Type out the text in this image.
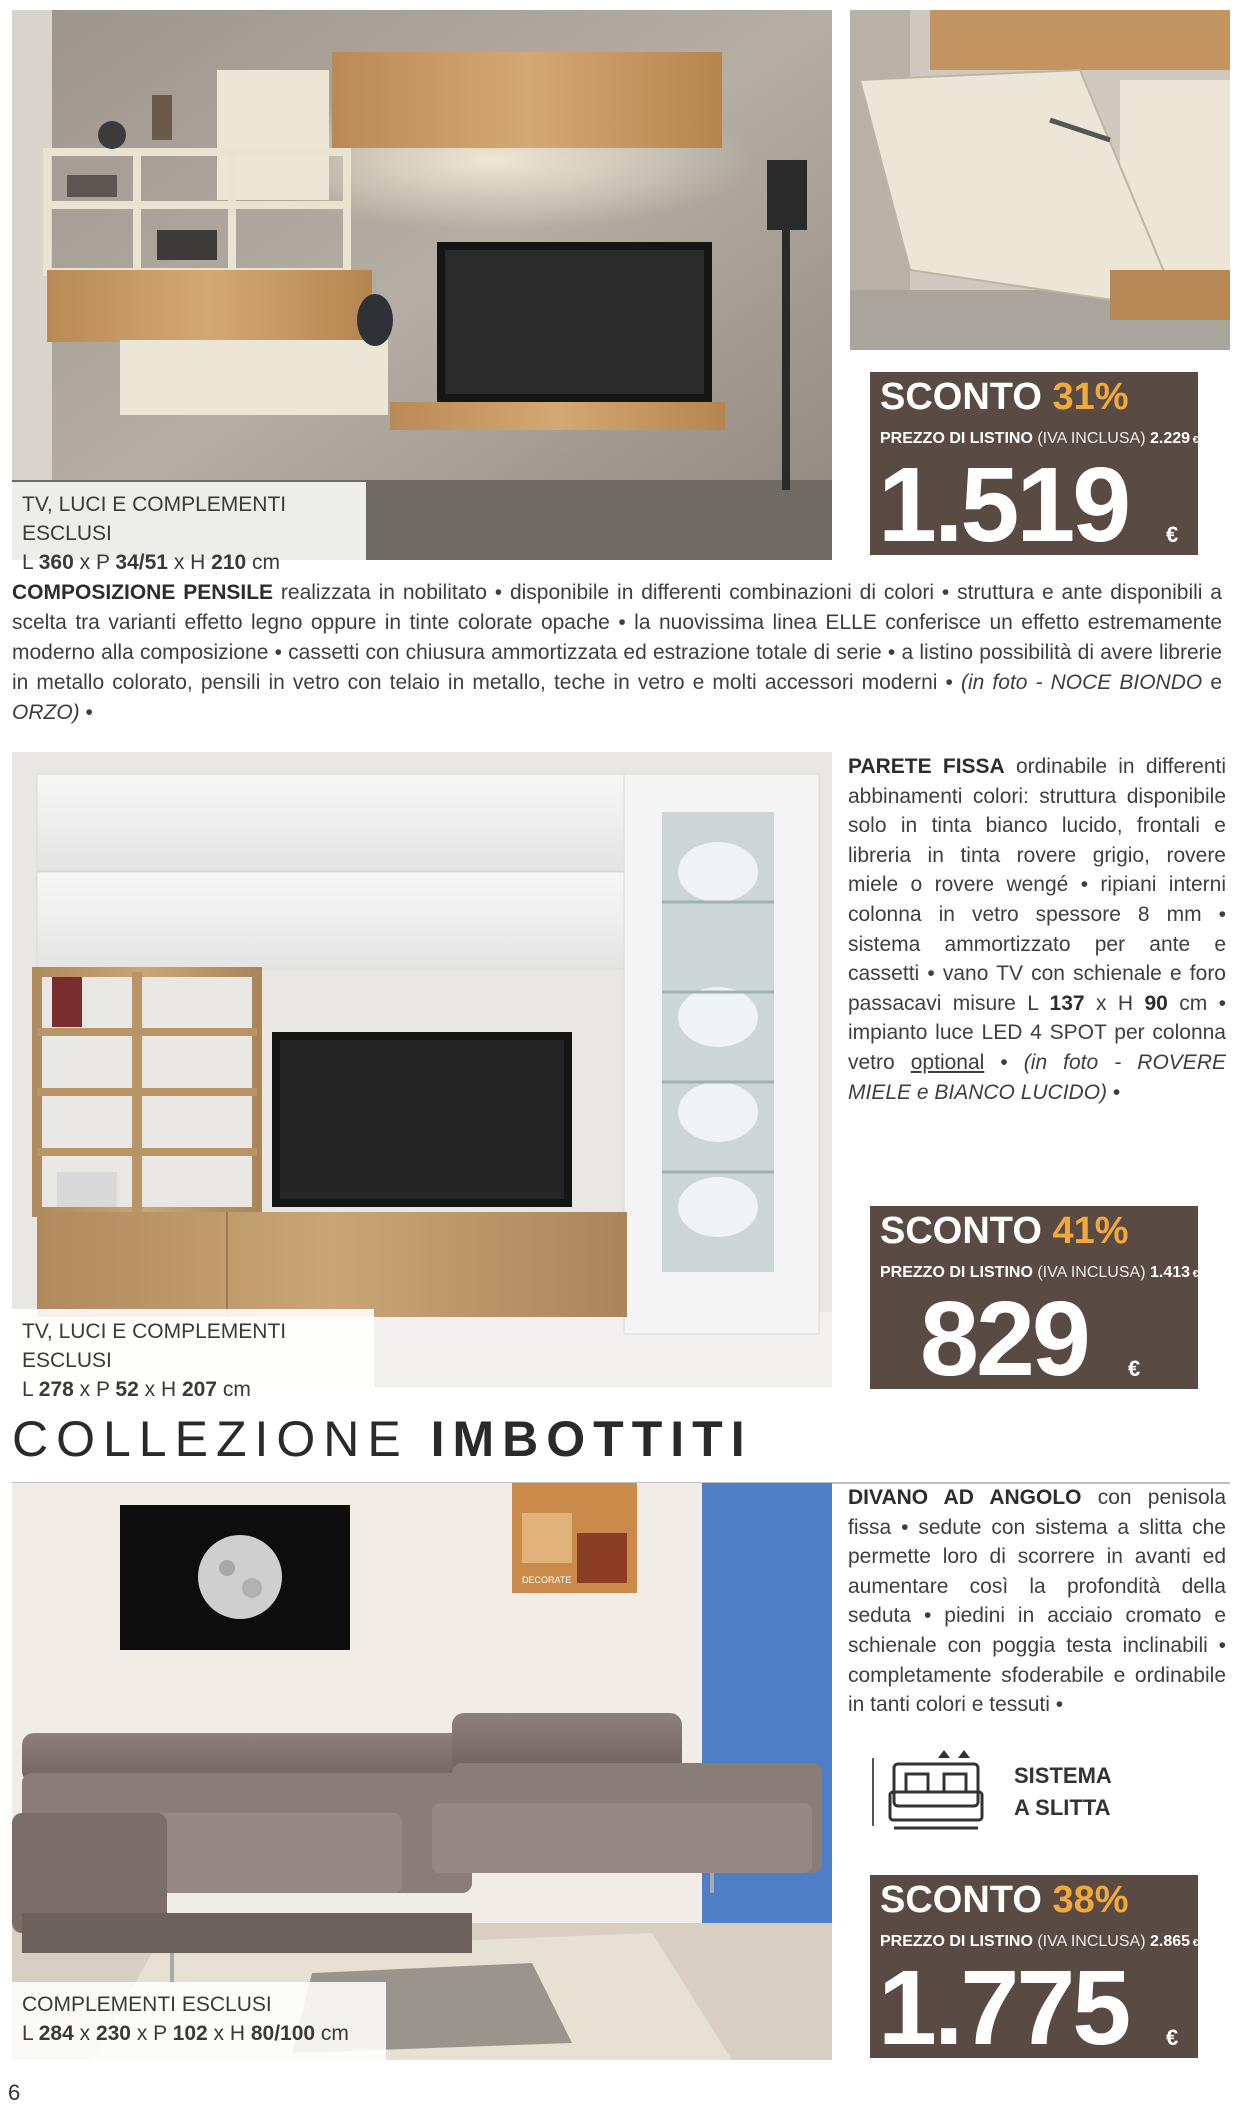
TV, LUCI E COMPLEMENTI ESCLUSI
L 360 x P 34/51 x H 210 cm
SCONTO 31%
PREZZO DI LISTINO (IVA INCLUSA) 2.229 €
1.519 €
COMPOSIZIONE PENSILE realizzata in nobilitato • disponibile in differenti combinazioni di colori • struttura e ante disponibili a scelta tra varianti effetto legno oppure in tinte colorate opache • la nuovissima linea ELLE conferisce un effetto estremamente moderno alla composizione • cassetti con chiusura ammortizzata ed estrazione totale di serie • a listino possibilità di avere librerie in metallo colorato, pensili in vetro con telaio in metallo, teche in vetro e molti accessori moderni • (in foto - NOCE BIONDO e ORZO) •
TV, LUCI E COMPLEMENTI ESCLUSI
L 278 x P 52 x H 207 cm
PARETE FISSA ordinabile in differenti abbinamenti colori: struttura disponibile solo in tinta bianco lucido, frontali e libreria in tinta rovere grigio, rovere miele o rovere wengé • ripiani interni colonna in vetro spessore 8 mm • sistema ammortizzato per ante e cassetti • vano TV con schienale e foro passacavi misure L 137 x H 90 cm • impianto luce LED 4 SPOT per colonna vetro optional • (in foto - ROVERE MIELE e BIANCO LUCIDO) •
SCONTO 41%
PREZZO DI LISTINO (IVA INCLUSA) 1.413 €
829 €
COLLEZIONE IMBOTTITI
DECORATE
COMPLEMENTI ESCLUSI
L 284 x 230 x P 102 x H 80/100 cm
DIVANO AD ANGOLO con penisola fissa • sedute con sistema a slitta che permette loro di scorrere in avanti ed aumentare così la profondità della seduta • piedini in acciaio cromato e schienale con poggia testa inclinabili • completamente sfoderabile e ordinabile in tanti colori e tessuti •
SISTEMA
A SLITTA
SCONTO 38%
PREZZO DI LISTINO (IVA INCLUSA) 2.865 €
1.775 €
6
